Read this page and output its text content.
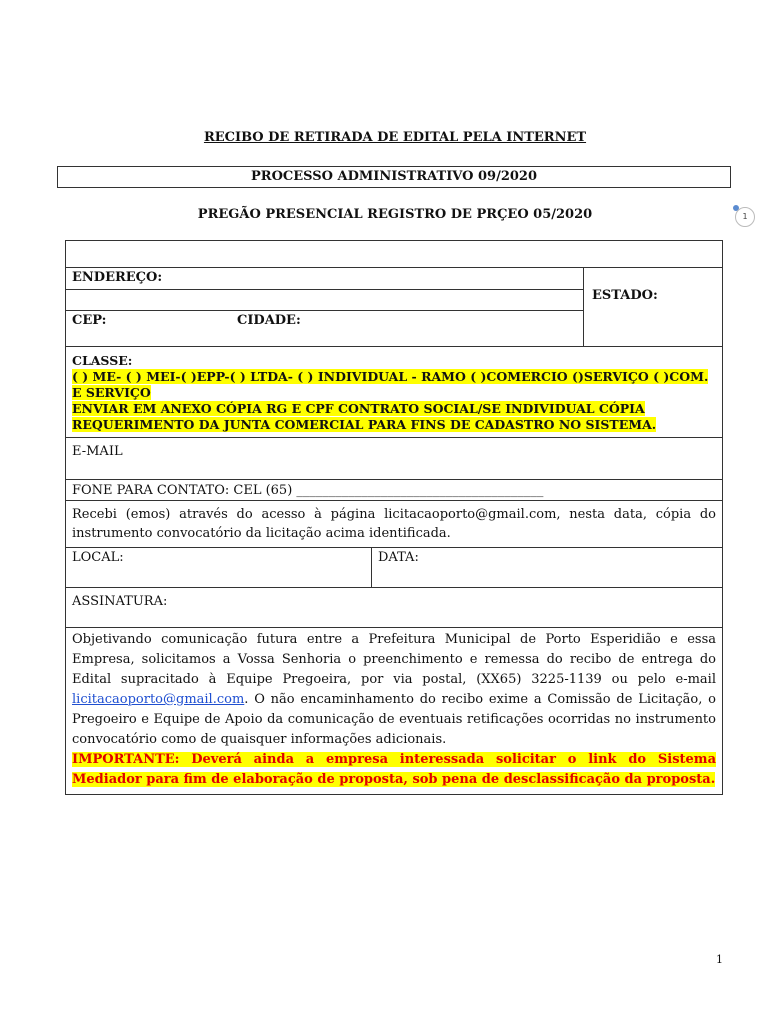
RECIBO DE RETIRADA DE EDITAL PELA INTERNET
PROCESSO ADMINISTRATIVO 09/2020
PREGÃO PRESENCIAL REGISTRO DE PRÇEO 05/2020	1
ENDEREÇO:
CEP:	CIDADE:
ESTADO:
CLASSE:
( ) ME- ( ) MEI-( )EPP-( ) LTDA- ( ) INDIVIDUAL - RAMO ( )COMERCIO ()SERVIÇO ( )COM. E SERVIÇO
ENVIAR EM ANEXO CÓPIA RG E CPF CONTRATO SOCIAL/SE INDIVIDUAL CÓPIA REQUERIMENTO DA JUNTA COMERCIAL PARA FINS DE CADASTRO NO SISTEMA.
E-MAIL
FONE PARA CONTATO: CEL (65) ______________________________________
Recebi (emos) através do acesso à página licitacaoporto@gmail.com, nesta data, cópia do instrumento convocatório da licitação acima identificada.
LOCAL:	DATA:
ASSINATURA:
Objetivando comunicação futura entre a Prefeitura Municipal de Porto Esperidião e essa Empresa, solicitamos a Vossa Senhoria o preenchimento e remessa do recibo de entrega do Edital supracitado à Equipe Pregoeira, por via postal, (XX65) 3225-1139 ou pelo e-mail licitacaoporto@gmail.com. O não encaminhamento do recibo exime a Comissão de Licitação, o Pregoeiro e Equipe de Apoio da comunicação de eventuais retificações ocorridas no instrumento convocatório como de quaisquer informações adicionais.
IMPORTANTE: Deverá ainda a empresa interessada solicitar o link do Sistema Mediador para fim de elaboração de proposta, sob pena de desclassificação da proposta.
1
